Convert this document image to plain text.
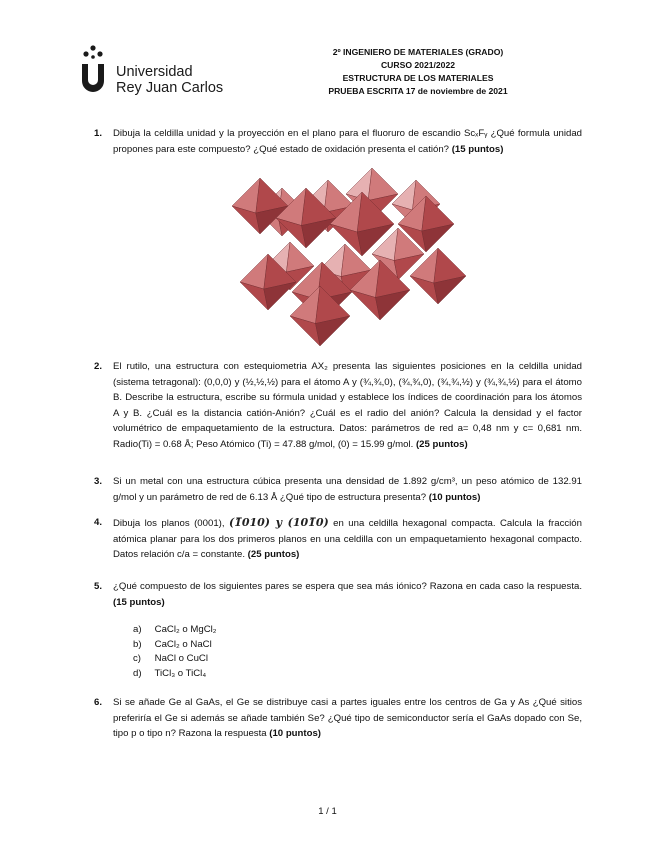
Universidad
Rey Juan Carlos
2º INGENIERO DE MATERIALES (GRADO)
CURSO 2021/2022
ESTRUCTURA DE LOS MATERIALES
PRUEBA ESCRITA 17 de noviembre de 2021
1. Dibuja la celdilla unidad y la proyección en el plano para el fluoruro de escandio ScₓFᵧ ¿Qué formula unidad propones para este compuesto? ¿Qué estado de oxidación presenta el catión? (15 puntos)
2. El rutilo, una estructura con estequiometria AX₂ presenta las siguientes posiciones en la celdilla unidad (sistema tetragonal): (0,0,0) y (½,½,½) para el átomo A y (¾,¾,0), (¾,¾,0), (¾,¾,½) y (¾,¾,½) para el átomo B. Describe la estructura, escribe su fórmula unidad y establece los índices de coordinación para los átomos A y B. ¿Cuál es la distancia catión-Anión? ¿Cuál es el radio del anión? Calcula la densidad y el factor volumétrico de empaquetamiento de la estructura. Datos: parámetros de red a= 0,48 nm y c= 0,681 nm. Radio(Ti) = 0.68 Å; Peso Atómico (Ti) = 47.88 g/mol, (0) = 15.99 g/mol. (25 puntos)
3. Si un metal con una estructura cúbica presenta una densidad de 1.892 g/cm³, un peso atómico de 132.91 g/mol y un parámetro de red de 6.13 Å ¿Qué tipo de estructura presenta? (10 puntos)
4. Dibuja los planos (0001), (1̅010) y (101̅0) en una celdilla hexagonal compacta. Calcula la fracción atómica planar para los dos primeros planos en una celdilla con un empaquetamiento hexagonal compacto. Datos relación c/a = constante. (25 puntos)
5. ¿Qué compuesto de los siguientes pares se espera que sea más iónico? Razona en cada caso la respuesta. (15 puntos)
a) CaCl₂ o MgCl₂
b) CaCl₂ o NaCl
c) NaCl o CuCl
d) TiCl₃ o TiCl₄
6. Si se añade Ge al GaAs, el Ge se distribuye casi a partes iguales entre los centros de Ga y As ¿Qué sitios preferiría el Ge si además se añade también Se? ¿Qué tipo de semiconductor sería el GaAs dopado con Se, tipo p o tipo n? Razona la respuesta (10 puntos)
1 / 1
